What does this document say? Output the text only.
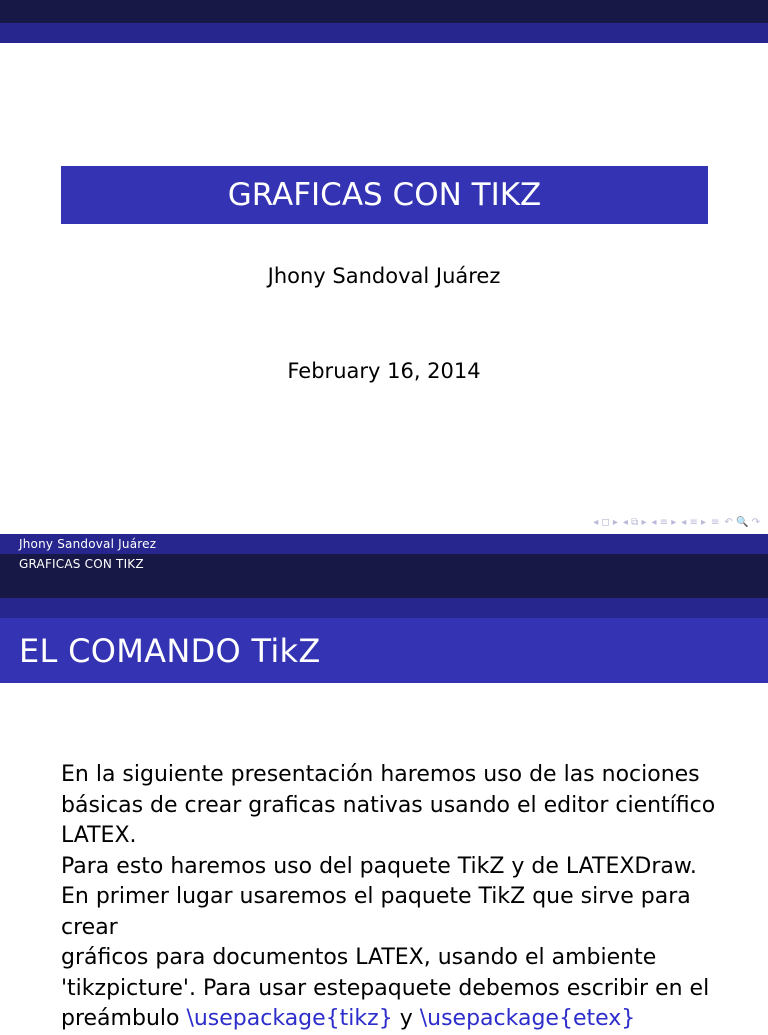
GRAFICAS CON TIKZ
Jhony Sandoval Juárez
February 16, 2014
◂ ◻ ▸ ◂ ⧉ ▸ ◂ ≡ ▸ ◂ ≡ ▸ ≡ ↶ 🔍 ↷
Jhony Sandoval Juárez
GRAFICAS CON TIKZ
EL COMANDO TikZ

En la siguiente presentación haremos uso de las nociones

básicas de crear graficas nativas usando el editor científico

LATEX.

Para esto haremos uso del paquete TikZ y de LATEXDraw.

En primer lugar usaremos el paquete TikZ que sirve para crear

gráficos para documentos LATEX, usando el ambiente

'tikzpicture'. Para usar estepaquete debemos escribir en el

preámbulo \usepackage{tikz} y \usepackage{etex}
